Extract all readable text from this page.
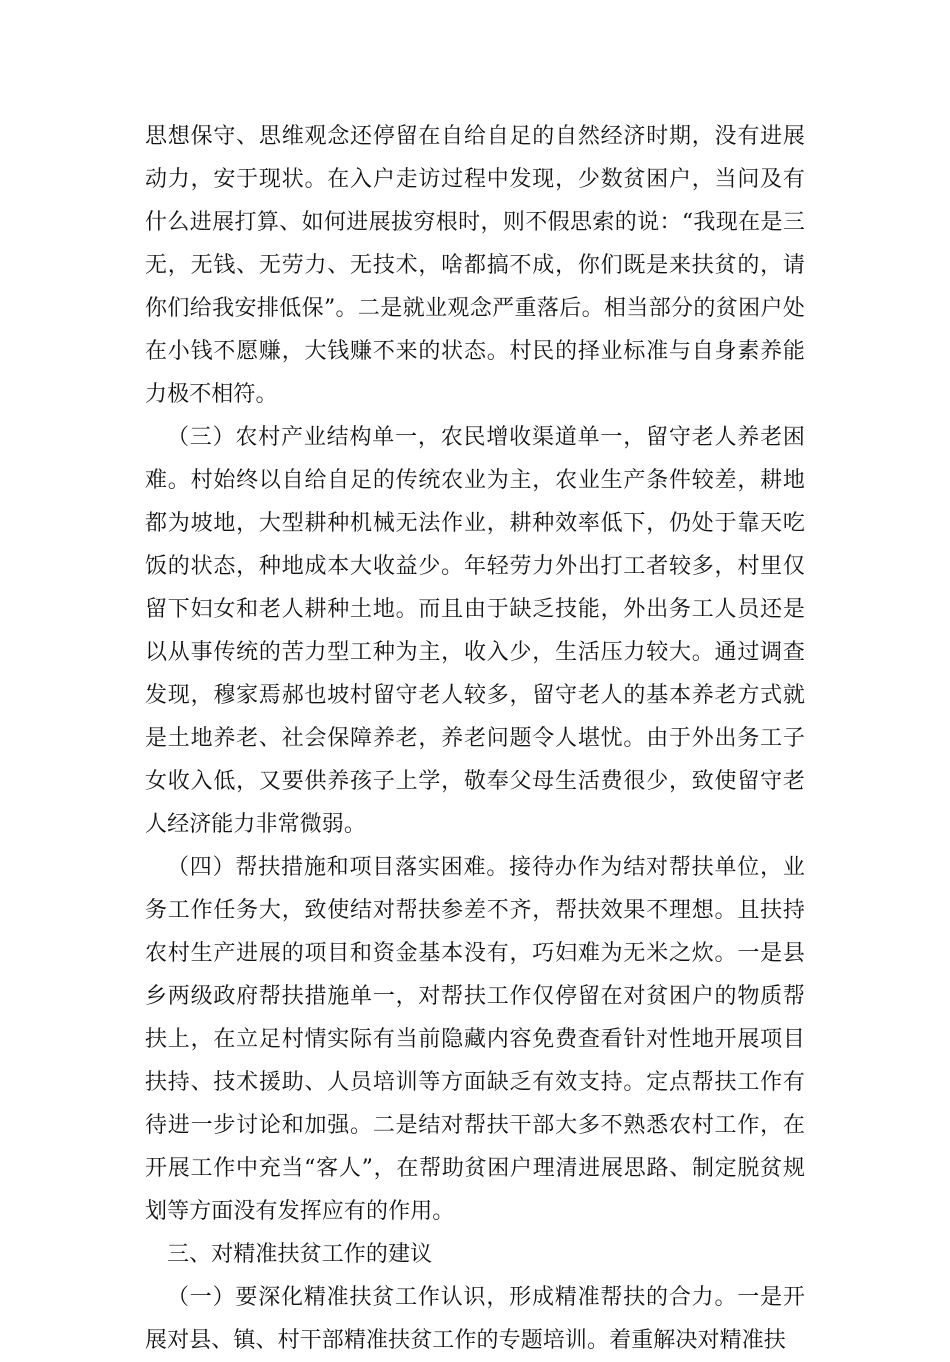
思想保守、思维观念还停留在自给自足的自然经济时期，没有进展动力，安于现状。在入户走访过程中发现，少数贫困户，当问及有什么进展打算、如何进展拔穷根时，则不假思索的说：“我现在是三无，无钱、无劳力、无技术，啥都搞不成，你们既是来扶贫的，请你们给我安排低保”。二是就业观念严重落后。相当部分的贫困户处在小钱不愿赚，大钱赚不来的状态。村民的择业标准与自身素养能力极不相符。

（三）农村产业结构单一，农民增收渠道单一，留守老人养老困难。村始终以自给自足的传统农业为主，农业生产条件较差，耕地都为坡地，大型耕种机械无法作业，耕种效率低下，仍处于靠天吃饭的状态，种地成本大收益少。年轻劳力外出打工者较多，村里仅留下妇女和老人耕种土地。而且由于缺乏技能，外出务工人员还是以从事传统的苦力型工种为主，收入少，生活压力较大。通过调查发现，穆家焉郝也坡村留守老人较多，留守老人的基本养老方式就是土地养老、社会保障养老，养老问题令人堪忧。由于外出务工子女收入低，又要供养孩子上学，敬奉父母生活费很少，致使留守老人经济能力非常微弱。

（四）帮扶措施和项目落实困难。接待办作为结对帮扶单位，业务工作任务大，致使结对帮扶参差不齐，帮扶效果不理想。且扶持农村生产进展的项目和资金基本没有，巧妇难为无米之炊。一是县乡两级政府帮扶措施单一，对帮扶工作仅停留在对贫困户的物质帮扶上，在立足村情实际有当前隐藏内容免费查看针对性地开展项目扶持、技术援助、人员培训等方面缺乏有效支持。定点帮扶工作有待进一步讨论和加强。二是结对帮扶干部大多不熟悉农村工作，在开展工作中充当“客人”，在帮助贫困户理清进展思路、制定脱贫规划等方面没有发挥应有的作用。

三、对精准扶贫工作的建议

（一）要深化精准扶贫工作认识，形成精准帮扶的合力。一是开展对县、镇、村干部精准扶贫工作的专题培训。着重解决对精准扶
